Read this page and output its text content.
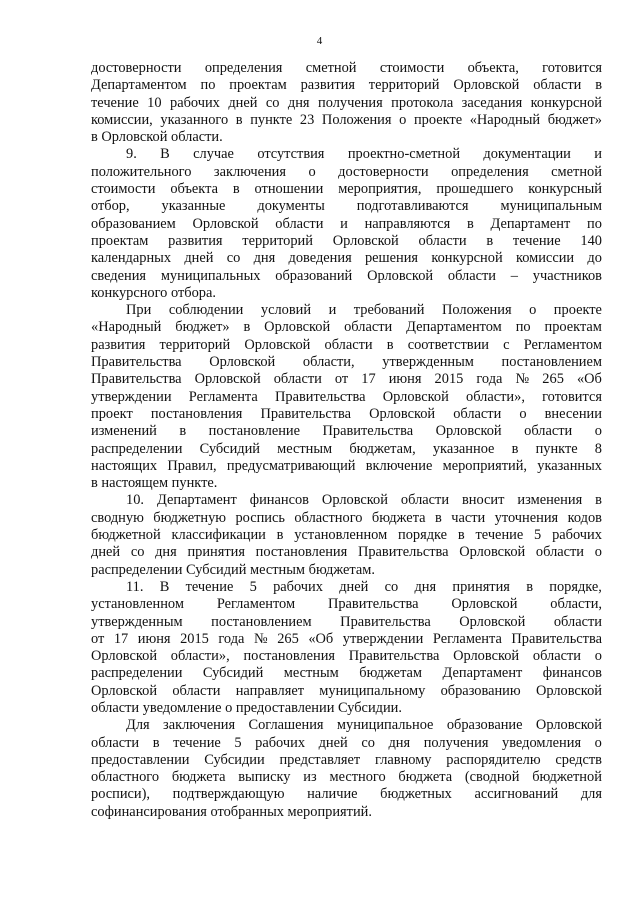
4
достоверности определения сметной стоимости объекта, готовится
Департаментом по проектам развития территорий Орловской области в
течение 10 рабочих дней со дня получения протокола заседания конкурсной
комиссии, указанного в пункте 23 Положения о проекте «Народный бюджет»
в Орловской области.
9. В случае отсутствия проектно-сметной документации и
положительного заключения о достоверности определения сметной
стоимости объекта в отношении мероприятия, прошедшего конкурсный
отбор, указанные документы подготавливаются муниципальным
образованием Орловской области и направляются в Департамент по
проектам развития территорий Орловской области в течение 140
календарных дней со дня доведения решения конкурсной комиссии до
сведения муниципальных образований Орловской области – участников
конкурсного отбора.
При соблюдении условий и требований Положения о проекте
«Народный бюджет» в Орловской области Департаментом по проектам
развития территорий Орловской области в соответствии с Регламентом
Правительства Орловской области, утвержденным постановлением
Правительства Орловской области от 17 июня 2015 года № 265 «Об
утверждении Регламента Правительства Орловской области», готовится
проект постановления Правительства Орловской области о внесении
изменений в постановление Правительства Орловской области о
распределении Субсидий местным бюджетам, указанное в пункте 8
настоящих Правил, предусматривающий включение мероприятий, указанных
в настоящем пункте.
10. Департамент финансов Орловской области вносит изменения в
сводную бюджетную роспись областного бюджета в части уточнения кодов
бюджетной классификации в установленном порядке в течение 5 рабочих
дней со дня принятия постановления Правительства Орловской области о
распределении Субсидий местным бюджетам.
11. В течение 5 рабочих дней со дня принятия в порядке,
установленном Регламентом Правительства Орловской области,
утвержденным постановлением Правительства Орловской области
от 17 июня 2015 года № 265 «Об утверждении Регламента Правительства
Орловской области», постановления Правительства Орловской области о
распределении Субсидий местным бюджетам Департамент финансов
Орловской области направляет муниципальному образованию Орловской
области уведомление о предоставлении Субсидии.
Для заключения Соглашения муниципальное образование Орловской
области в течение 5 рабочих дней со дня получения уведомления о
предоставлении Субсидии представляет главному распорядителю средств
областного бюджета выписку из местного бюджета (сводной бюджетной
росписи), подтверждающую наличие бюджетных ассигнований для
софинансирования отобранных мероприятий.
